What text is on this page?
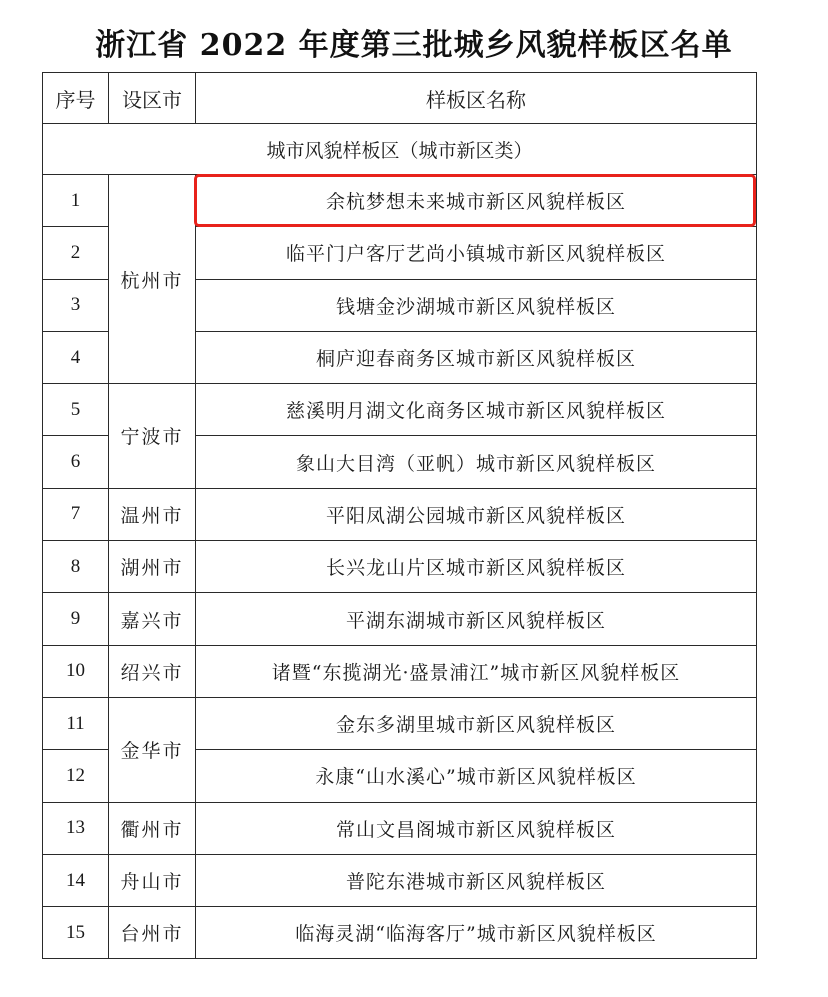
浙江省 2022 年度第三批城乡风貌样板区名单
序号	设区市	样板区名称
城市风貌样板区（城市新区类）		
1	杭州市	余杭梦想未来城市新区风貌样板区
2		临平门户客厅艺尚小镇城市新区风貌样板区
3		钱塘金沙湖城市新区风貌样板区
4		桐庐迎春商务区城市新区风貌样板区
5	宁波市	慈溪明月湖文化商务区城市新区风貌样板区
6		象山大目湾（亚帆）城市新区风貌样板区
7	温州市	平阳凤湖公园城市新区风貌样板区
8	湖州市	长兴龙山片区城市新区风貌样板区
9	嘉兴市	平湖东湖城市新区风貌样板区
10	绍兴市	诸暨“东揽湖光·盛景浦江”城市新区风貌样板区
11	金华市	金东多湖里城市新区风貌样板区
12		永康“山水溪心”城市新区风貌样板区
13	衢州市	常山文昌阁城市新区风貌样板区
14	舟山市	普陀东港城市新区风貌样板区
15	台州市	临海灵湖“临海客厅”城市新区风貌样板区
